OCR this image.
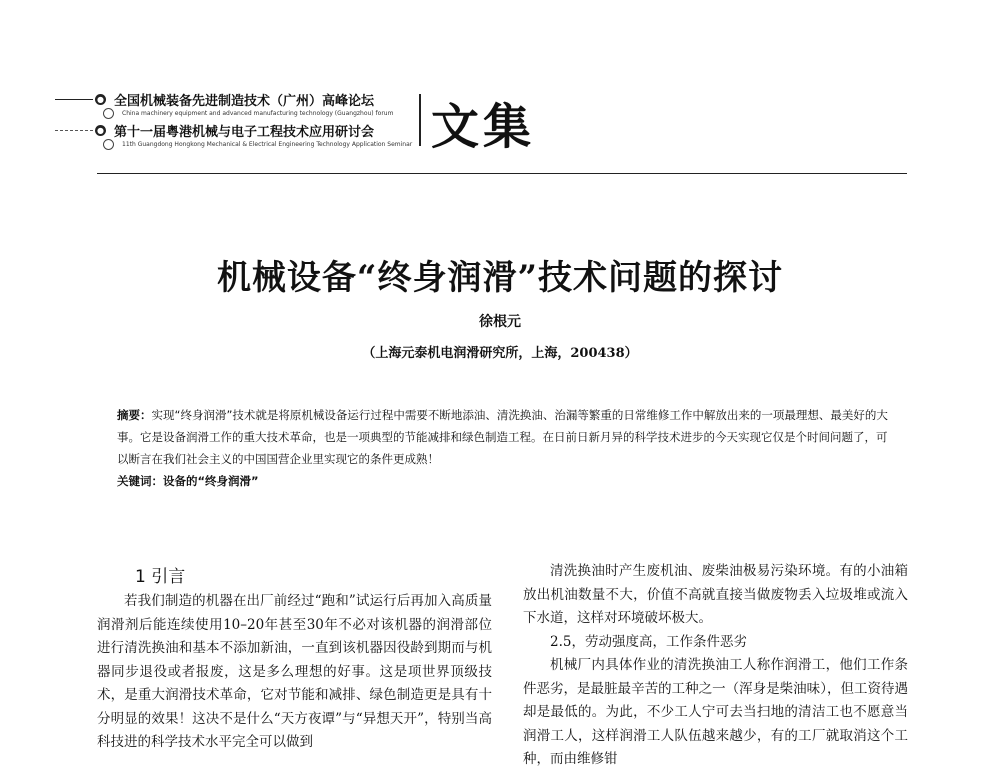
● 全国机械装备先进制造技术（广州）高峰论坛
China machinery equipment and advanced manufacturing technology (Guangzhou) forum
● 第十一届粤港机械与电子工程技术应用研讨会
11th Guangdong Hongkong Mechanical & Electrical Engineering Technology Application Seminar 文集
机械设备“终身润滑”技术问题的探讨
徐根元
（上海元泰机电润滑研究所，上海，200438）

摘要：实现“终身润滑”技术就是将原机械设备运行过程中需要不断地添油、清洗换油、治漏等繁重的日常维修工作中解放出来的一项最理想、最美好的大事。它是设备润滑工作的重大技术革命，也是一项典型的节能减排和绿色制造工程。在日前日新月异的科学技术进步的今天实现它仅是个时间问题了，可以断言在我们社会主义的中国国营企业里实现它的条件更成熟！

关键词：设备的“终身润滑”

1 引言

若我们制造的机器在出厂前经过“跑和”试运行后再加入高质量润滑剂后能连续使用10–20年甚至30年不必对该机器的润滑部位进行清洗换油和基本不添加新油，一直到该机器因役龄到期而与机器同步退役或者报废，这是多么理想的好事。这是项世界顶级技术，是重大润滑技术革命，它对节能和减排、绿色制造更是具有十分明显的效果！这决不是什么“天方夜谭”与“异想天开”，特别当高科技进的科学技术水平完全可以做到

清洗换油时产生废机油、废柴油极易污染环境。有的小油箱放出机油数量不大，价值不高就直接当做废物丢入垃圾堆或流入下水道，这样对环境破坏极大。

2.5，劳动强度高，工作条件恶劣

机械厂内具体作业的清洗换油工人称作润滑工，他们工作条件恶劣，是最脏最辛苦的工种之一（浑身是柴油味），但工资待遇却是最低的。为此，不少工人宁可去当扫地的清洁工也不愿意当润滑工人，这样润滑工人队伍越来越少，有的工厂就取消这个工种，而由维修钳
